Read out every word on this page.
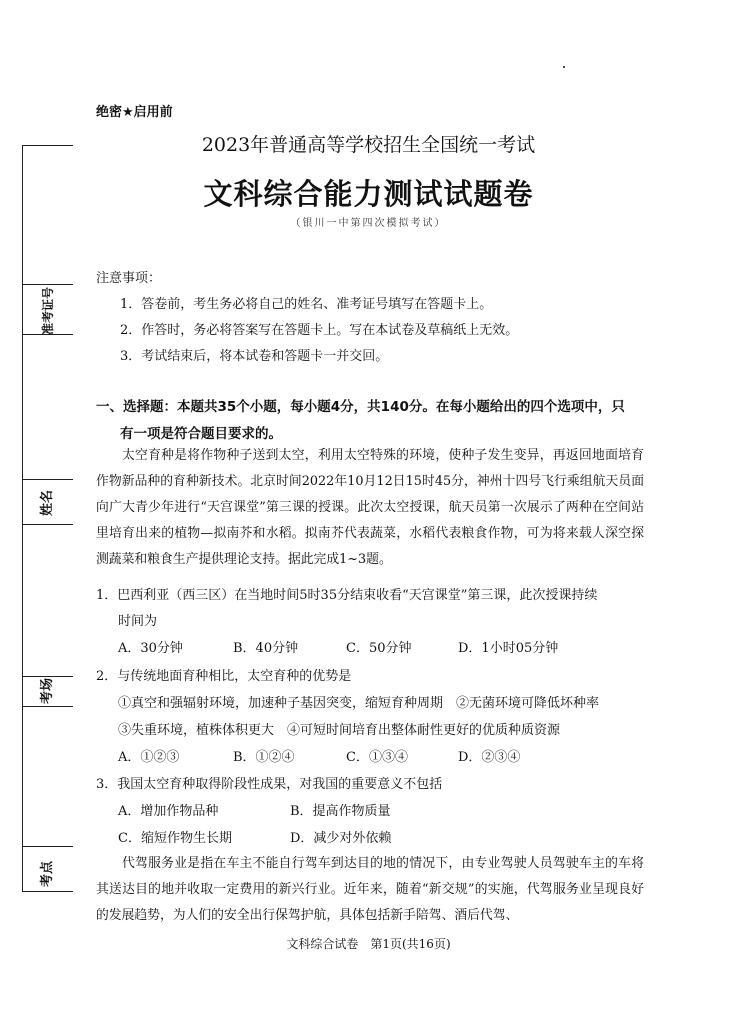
绝密★启用前
2023年普通高等学校招生全国统一考试
文科综合能力测试试题卷
（银川一中第四次模拟考试）
准考证号
姓名
考场
考点
注意事项：
1．答卷前，考生务必将自己的姓名、准考证号填写在答题卡上。
2．作答时，务必将答案写在答题卡上。写在本试卷及草稿纸上无效。
3．考试结束后，将本试卷和答题卡一并交回。
一、选择题：本题共35个小题，每小题4分，共140分。在每小题给出的四个选项中，只
有一项是符合题目要求的。
太空育种是将作物种子送到太空，利用太空特殊的环境，使种子发生变异，再返回地面培育作物新品种的育种新技术。北京时间2022年10月12日15时45分，神州十四号飞行乘组航天员面向广大青少年进行“天宫课堂”第三课的授课。此次太空授课，航天员第一次展示了两种在空间站里培育出来的植物—拟南芥和水稻。拟南芥代表蔬菜，水稻代表粮食作物，可为将来载人深空探测蔬菜和粮食生产提供理论支持。据此完成1~3题。
1．巴西利亚（西三区）在当地时间5时35分结束收看“天宫课堂”第三课，此次授课持续
时间为
A．30分钟	B．40分钟	C．50分钟	D．1小时05分钟
2．与传统地面育种相比，太空育种的优势是
①真空和强辐射环境，加速种子基因突变，缩短育种周期　②无菌环境可降低坏种率
③失重环境，植株体积更大　④可短时间培育出整体耐性更好的优质种质资源
A．①②③	B．①②④	C．①③④	D．②③④
3．我国太空育种取得阶段性成果，对我国的重要意义不包括
A．增加作物品种	B．提高作物质量
C．缩短作物生长期	D．减少对外依赖
代驾服务业是指在车主不能自行驾车到达目的地的情况下，由专业驾驶人员驾驶车主的车将其送达目的地并收取一定费用的新兴行业。近年来，随着“新交规”的实施，代驾服务业呈现良好的发展趋势，为人们的安全出行保驾护航，具体包括新手陪驾、酒后代驾、
文科综合试卷　第1页(共16页)
